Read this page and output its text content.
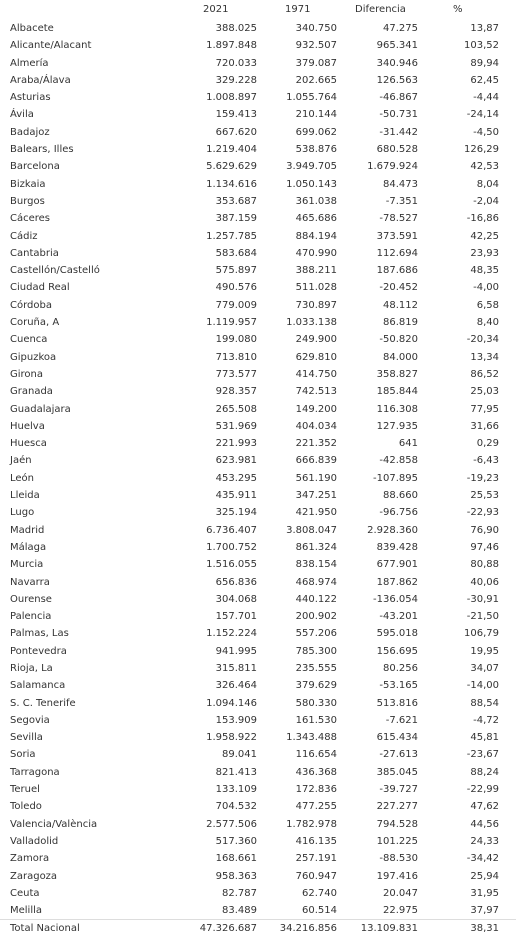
2021	1971	Diferencia	%
Albacete	388.025	340.750	47.275	13,87
Alicante/Alacant	1.897.848	932.507	965.341	103,52
Almería	720.033	379.087	340.946	89,94
Araba/Álava	329.228	202.665	126.563	62,45
Asturias	1.008.897	1.055.764	-46.867	-4,44
Ávila	159.413	210.144	-50.731	-24,14
Badajoz	667.620	699.062	-31.442	-4,50
Balears, Illes	1.219.404	538.876	680.528	126,29
Barcelona	5.629.629	3.949.705	1.679.924	42,53
Bizkaia	1.134.616	1.050.143	84.473	8,04
Burgos	353.687	361.038	-7.351	-2,04
Cáceres	387.159	465.686	-78.527	-16,86
Cádiz	1.257.785	884.194	373.591	42,25
Cantabria	583.684	470.990	112.694	23,93
Castellón/Castelló	575.897	388.211	187.686	48,35
Ciudad Real	490.576	511.028	-20.452	-4,00
Córdoba	779.009	730.897	48.112	6,58
Coruña, A	1.119.957	1.033.138	86.819	8,40
Cuenca	199.080	249.900	-50.820	-20,34
Gipuzkoa	713.810	629.810	84.000	13,34
Girona	773.577	414.750	358.827	86,52
Granada	928.357	742.513	185.844	25,03
Guadalajara	265.508	149.200	116.308	77,95
Huelva	531.969	404.034	127.935	31,66
Huesca	221.993	221.352	641	0,29
Jaén	623.981	666.839	-42.858	-6,43
León	453.295	561.190	-107.895	-19,23
Lleida	435.911	347.251	88.660	25,53
Lugo	325.194	421.950	-96.756	-22,93
Madrid	6.736.407	3.808.047	2.928.360	76,90
Málaga	1.700.752	861.324	839.428	97,46
Murcia	1.516.055	838.154	677.901	80,88
Navarra	656.836	468.974	187.862	40,06
Ourense	304.068	440.122	-136.054	-30,91
Palencia	157.701	200.902	-43.201	-21,50
Palmas, Las	1.152.224	557.206	595.018	106,79
Pontevedra	941.995	785.300	156.695	19,95
Rioja, La	315.811	235.555	80.256	34,07
Salamanca	326.464	379.629	-53.165	-14,00
S. C. Tenerife	1.094.146	580.330	513.816	88,54
Segovia	153.909	161.530	-7.621	-4,72
Sevilla	1.958.922	1.343.488	615.434	45,81
Soria	89.041	116.654	-27.613	-23,67
Tarragona	821.413	436.368	385.045	88,24
Teruel	133.109	172.836	-39.727	-22,99
Toledo	704.532	477.255	227.277	47,62
Valencia/València	2.577.506	1.782.978	794.528	44,56
Valladolid	517.360	416.135	101.225	24,33
Zamora	168.661	257.191	-88.530	-34,42
Zaragoza	958.363	760.947	197.416	25,94
Ceuta	82.787	62.740	20.047	31,95
Melilla	83.489	60.514	22.975	37,97
Total Nacional	47.326.687 34.216.856 13.109.831	38,31
